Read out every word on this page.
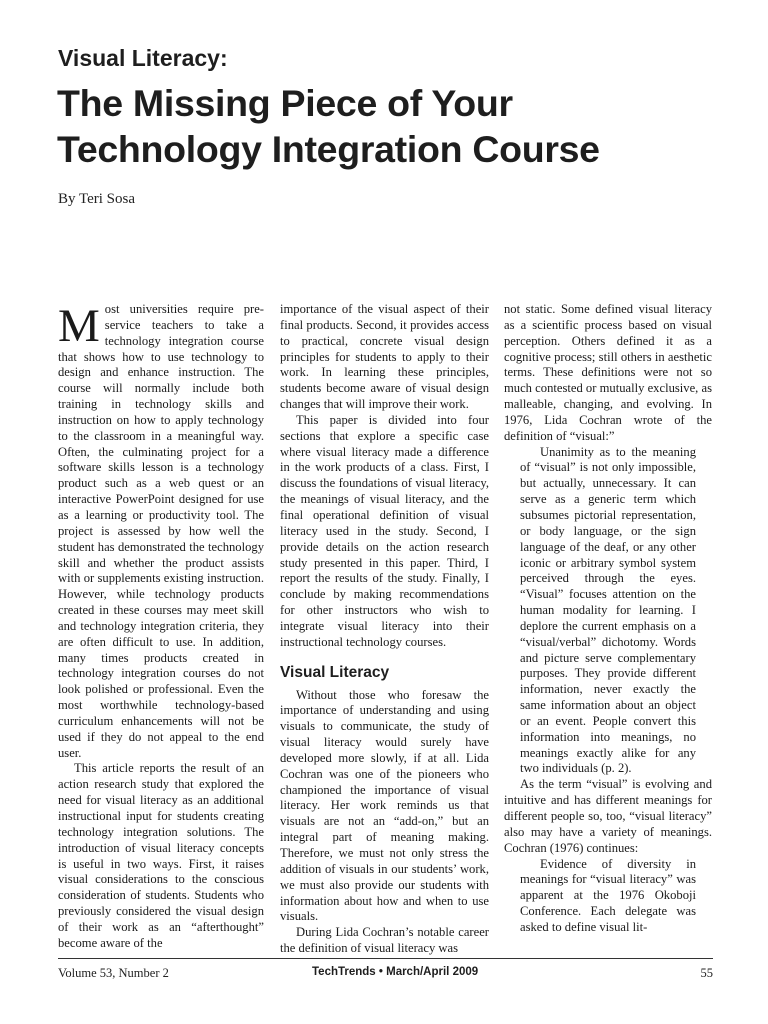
Visual Literacy:
The Missing Piece of Your
Technology Integration Course
By Teri Sosa
M ost universities require pre-service teachers to take a technology integration course that shows how to use technology to design and enhance instruction. The course will normally include both training in technology skills and instruction on how to apply technology to the classroom in a meaningful way. Often, the culminating project for a software skills lesson is a technology product such as a web quest or an interactive PowerPoint designed for use as a learning or productivity tool. The project is assessed by how well the student has demonstrated the technology skill and whether the product assists with or supplements existing instruction. However, while technology products created in these courses may meet skill and technology integration criteria, they are often difficult to use. In addition, many times products created in technology integration courses do not look polished or professional. Even the most worthwhile technology-based curriculum enhancements will not be used if they do not appeal to the end user.

This article reports the result of an action research study that explored the need for visual literacy as an additional instructional input for students creating technology integration solutions. The introduction of visual literacy concepts is useful in two ways. First, it raises visual considerations to the conscious consideration of students. Students who previously considered the visual design of their work as an “afterthought” become aware of the

importance of the visual aspect of their final products. Second, it provides access to practical, concrete visual design principles for students to apply to their work. In learning these principles, students become aware of visual design changes that will improve their work.

This paper is divided into four sections that explore a specific case where visual literacy made a difference in the work products of a class. First, I discuss the foundations of visual literacy, the meanings of visual literacy, and the final operational definition of visual literacy used in the study. Second, I provide details on the action research study presented in this paper. Third, I report the results of the study. Finally, I conclude by making recommendations for other instructors who wish to integrate visual literacy into their instructional technology courses.

Visual Literacy

Without those who foresaw the importance of understanding and using visuals to communicate, the study of visual literacy would surely have developed more slowly, if at all. Lida Cochran was one of the pioneers who championed the importance of visual literacy. Her work reminds us that visuals are not an “add-on,” but an integral part of meaning making. Therefore, we must not only stress the addition of visuals in our students’ work, we must also provide our students with information about how and when to use visuals.

During Lida Cochran’s notable career the definition of visual literacy was

not static. Some defined visual literacy as a scientific process based on visual perception. Others defined it as a cognitive process; still others in aesthetic terms. These definitions were not so much contested or mutually exclusive, as malleable, changing, and evolving. In 1976, Lida Cochran wrote of the definition of “visual:”

Unanimity as to the meaning of “visual” is not only impossible, but actually, unnecessary. It can serve as a generic term which subsumes pictorial representation, or body language, or the sign language of the deaf, or any other iconic or arbitrary symbol system perceived through the eyes. “Visual” focuses attention on the human modality for learning. I deplore the current emphasis on a “visual/verbal” dichotomy. Words and picture serve complementary purposes. They provide different information, never exactly the same information about an object or an event. People convert this information into meanings, no meanings exactly alike for any two individuals (p. 2).

As the term “visual” is evolving and intuitive and has different meanings for different people so, too, “visual literacy” also may have a variety of meanings. Cochran (1976) continues:

Evidence of diversity in meanings for “visual literacy” was apparent at the 1976 Okoboji Conference. Each delegate was asked to define visual lit-

Volume 53, Number 2	TechTrends • March/April 2009	55
